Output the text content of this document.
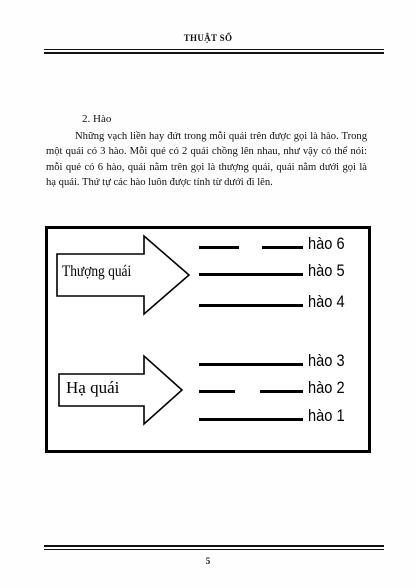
THUẬT SỐ
2. Hào

Những vạch liền hay đứt trong mỗi quái trên được gọi là hào. Trong một quái có 3 hào. Mỗi quẻ có 2 quái chồng lên nhau, như vậy có thể nói: mỗi quẻ có 6 hào, quái nằm trên gọi là thượng quái, quái nằm dưới gọi là hạ quái. Thứ tự các hào luôn được tính từ dưới đi lên.

Thượng quái
Hạ quái
hào 6
hào 5
hào 4
hào 3
hào 2
hào 1
5
